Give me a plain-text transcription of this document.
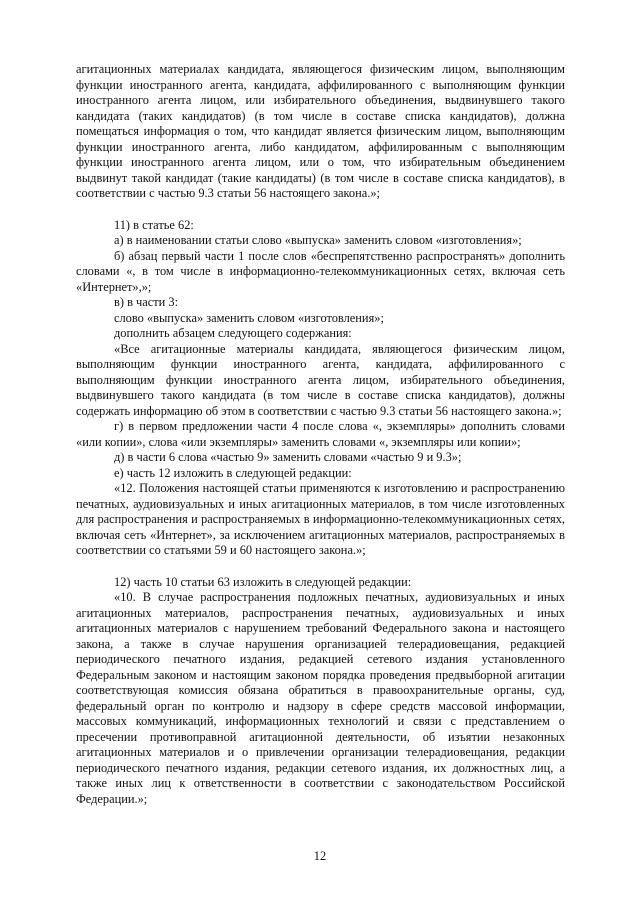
агитационных материалах кандидата, являющегося физическим лицом, выполняющим функции иностранного агента, кандидата, аффилированного с выполняющим функции иностранного агента лицом, или избирательного объединения, выдвинувшего такого кандидата (таких кандидатов) (в том числе в составе списка кандидатов), должна помещаться информация о том, что кандидат является физическим лицом, выполняющим функции иностранного агента, либо кандидатом, аффилированным с выполняющим функции иностранного агента лицом, или о том, что избирательным объединением выдвинут такой кандидат (такие кандидаты) (в том числе в составе списка кандидатов), в соответствии с частью 9.3 статьи 56 настоящего закона.»;

11) в статье 62:

а) в наименовании статьи слово «выпуска» заменить словом «изготовления»;

б) абзац первый части 1 после слов «беспрепятственно распространять» дополнить словами «, в том числе в информационно-телекоммуникационных сетях, включая сеть «Интернет»,»;

в) в части 3:

слово «выпуска» заменить словом «изготовления»;

дополнить абзацем следующего содержания:

«Все агитационные материалы кандидата, являющегося физическим лицом, выполняющим функции иностранного агента, кандидата, аффилированного с выполняющим функции иностранного агента лицом, избирательного объединения, выдвинувшего такого кандидата (в том числе в составе списка кандидатов), должны содержать информацию об этом в соответствии с частью 9.3 статьи 56 настоящего закона.»;

г) в первом предложении части 4 после слова «, экземпляры» дополнить словами «или копии», слова «или экземпляры» заменить словами «, экземпляры или копии»;

д) в части 6 слова «частью 9» заменить словами «частью 9 и 9.3»;

е) часть 12 изложить в следующей редакции:

«12. Положения настоящей статьи применяются к изготовлению и распространению печатных, аудиовизуальных и иных агитационных материалов, в том числе изготовленных для распространения и распространяемых в информационно-телекоммуникационных сетях, включая сеть «Интернет», за исключением агитационных материалов, распространяемых в соответствии со статьями 59 и 60 настоящего закона.»;

12) часть 10 статьи 63 изложить в следующей редакции:

«10. В случае распространения подложных печатных, аудиовизуальных и иных агитационных материалов, распространения печатных, аудиовизуальных и иных агитационных материалов с нарушением требований Федерального закона и настоящего закона, а также в случае нарушения организацией телерадиовещания, редакцией периодического печатного издания, редакцией сетевого издания установленного Федеральным законом и настоящим законом порядка проведения предвыборной агитации соответствующая комиссия обязана обратиться в правоохранительные органы, суд, федеральный орган по контролю и надзору в сфере средств массовой информации, массовых коммуникаций, информационных технологий и связи с представлением о пресечении противоправной агитационной деятельности, об изъятии незаконных агитационных материалов и о привлечении организации телерадиовещания, редакции периодического печатного издания, редакции сетевого издания, их должностных лиц, а также иных лиц к ответственности в соответствии с законодательством Российской Федерации.»;

12
